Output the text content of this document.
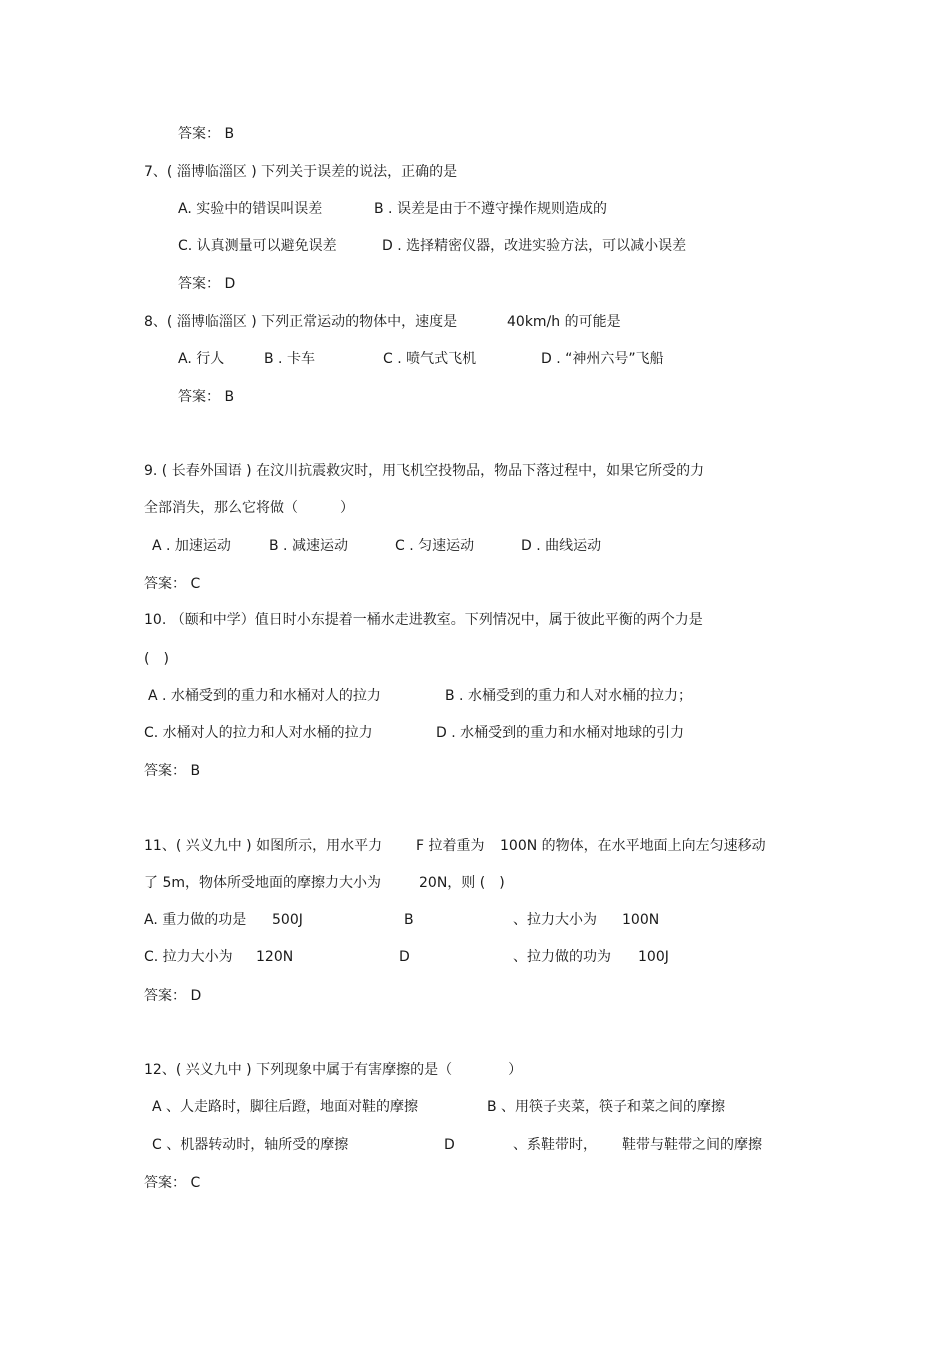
答案： B
7、( 淄博临淄区 ) 下列关于误差的说法，正确的是
A. 实验中的错误叫误差	B . 误差是由于不遵守操作规则造成的
C. 认真测量可以避免误差	D . 选择精密仪器，改进实验方法，可以减小误差
答案： D
8、( 淄博临淄区 ) 下列正常运动的物体中，速度是	40km/h 的可能是
A. 行人	B . 卡车	C . 喷气式飞机	D . “神州六号”飞船
答案： B
9. ( 长春外国语 ) 在汶川抗震救灾时，用飞机空投物品，物品下落过程中，如果它所受的力
全部消失，那么它将做（　　　）
A . 加速运动	B . 减速运动	C . 匀速运动	D . 曲线运动
答案： C
10. （颐和中学）值日时小东提着一桶水走进教室。下列情况中，属于彼此平衡的两个力是
(　)
A . 水桶受到的重力和水桶对人的拉力	B . 水桶受到的重力和人对水桶的拉力；
C. 水桶对人的拉力和人对水桶的拉力	D . 水桶受到的重力和水桶对地球的引力
答案： B
11、( 兴义九中 ) 如图所示，用水平力 F 拉着重为 100N 的物体，在水平地面上向左匀速移动
了 5m，物体所受地面的摩擦力大小为	20N，则 (　)
A. 重力做的功是 500J	B	、拉力大小为 100N
C. 拉力大小为 120N	D	、拉力做的功为 100J
答案： D
12、( 兴义九中 ) 下列现象中属于有害摩擦的是（　　　　）
A 、人走路时，脚往后蹬，地面对鞋的摩擦	B 、用筷子夹菜，筷子和菜之间的摩擦
C 、机器转动时，轴所受的摩擦	D	、系鞋带时， 鞋带与鞋带之间的摩擦
答案： C
